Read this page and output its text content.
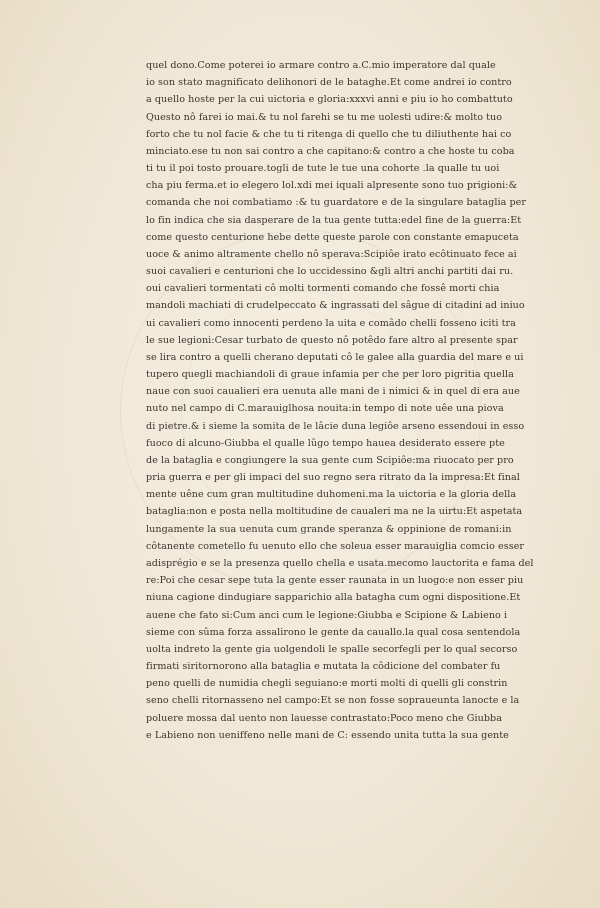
quel dono.Come poterei io armare contro a.C.mio imperatore dal quale
io son stato magnificato delihonori de le bataghe.Et come andrei io contro
a quello hoste per la cui uictoria e gloria:xxxvi anni e piu io ho combattuto
Questo nô farei io mai.& tu nol farehi se tu me uolesti udire:& molto tuo
forto che tu nol facie & che tu ti ritenga di quello che tu diliuthente hai co
minciato.ese tu non sai contro a che capitano:& contro a che hoste tu coba
ti tu il poi tosto prouare.togli de tute le tue una cohorte .la qualle tu uoi
cha piu ferma.et io elegero lol.xdi mei iquali alpresente sono tuo prigioni:&
comanda che noi combatiamo :& tu guardatore e de la singulare bataglia per
lo fin indica che sia dasperare de la tua gente tutta:edel fine de la guerra:Et
come questo centurione hebe dette queste parole con constante emapuceta
uoce & animo altramente chello nô sperava:Scipiôe irato ecôtinuato fece ai
suoi cavalieri e centurioni che lo uccidessino &gli altri anchi partiti dai ru.
oui cavalieri tormentati cô molti tormenti comando che fossê morti chia
mandoli machiati di crudelpeccato & ingrassati del sâgue di citadini ad iniuo
ui cavalieri como innocenti perdeno la uita e comâdo chelli fosseno iciti tra
le sue legioni:Cesar turbato de questo nô potêdo fare altro al presente spar
se lira contro a quelli cherano deputati cô le galee alla guardia del mare e ui
tupero quegli machiandoli di graue infamia per che per loro pigritia quella
naue con suoi caualieri era uenuta alle mani de i nimici & in quel di era aue
nuto nel campo di C.marauiglhosa nouita:in tempo di note uêe una piova
di pietre.& i sieme la somita de le lâcie duna legiôe arseno essendoui in esso
fuoco di alcuno-Giubba el qualle lûgo tempo hauea desiderato essere pte
de la bataglia e congiungere la sua gente cum Scipiôe:ma riuocato per pro
pria guerra e per gli impaci del suo regno sera ritrato da la impresa:Et final
mente uêne cum gran multitudine duhomeni.ma la uictoria e la gloria della
bataglia:non e posta nella moltitudine de caualeri ma ne la uirtu:Et aspetata
lungamente la sua uenuta cum grande speranza & oppinione de romani:in
côtanente cometello fu uenuto ello che soleua esser marauiglia comcio esser
adisprégio e se la presenza quello chella e usata.mecomo lauctorita e fama del
re:Poi che cesar sepe tuta la gente esser raunata in un luogo:e non esser piu
niuna cagione dindugiare sapparichio alla batagha cum ogni dispositione.Et
auene che fato si:Cum anci cum le legione:Giubba e Scipione & Labieno i
sieme con sûma forza assalirono le gente da cauallo.la qual cosa sentendola
uolta indreto la gente gia uolgendoli le spalle secorfegli per lo qual secorso
firmati siritornorono alla bataglia e mutata la côdicione del combater fu
peno quelli de numidia chegli seguiano:e morti molti di quelli gli constrin
seno chelli ritornasseno nel campo:Et se non fosse sopraueunta lanocte e la
poluere mossa dal uento non lauesse contrastato:Poco meno che Giubba
e Labieno non ueniffeno nelle mani de C: essendo unita tutta la sua gente
